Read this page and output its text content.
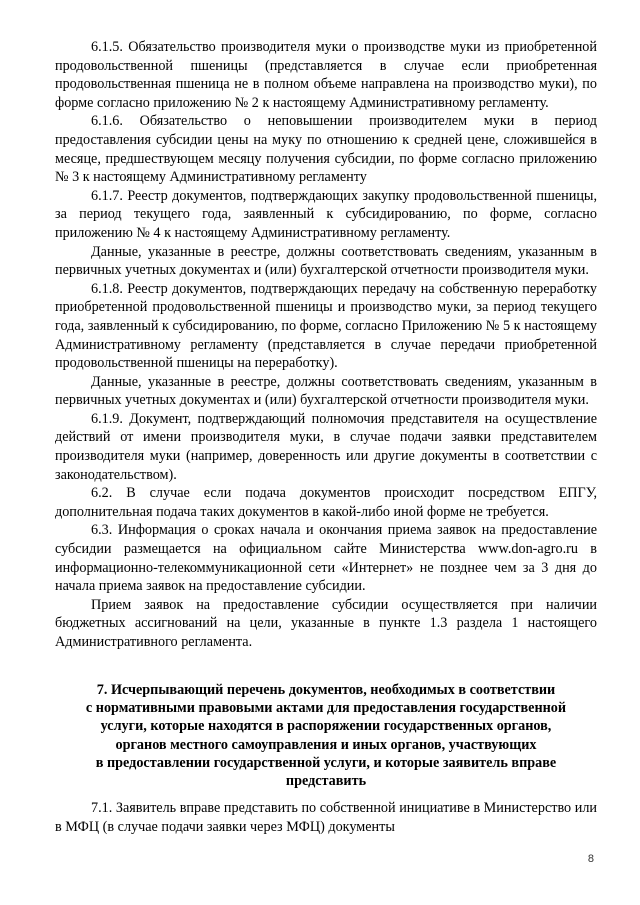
6.1.5. Обязательство производителя муки о производстве муки из приобретенной продовольственной пшеницы (представляется в случае если приобретенная продовольственная пшеница не в полном объеме направлена на производство муки), по форме согласно приложению № 2 к настоящему Административному регламенту.

6.1.6. Обязательство о неповышении производителем муки в период предоставления субсидии цены на муку по отношению к средней цене, сложившейся в месяце, предшествующем месяцу получения субсидии, по форме согласно приложению № 3 к настоящему Административному регламенту

6.1.7. Реестр документов, подтверждающих закупку продовольственной пшеницы, за период текущего года, заявленный к субсидированию, по форме, согласно приложению № 4 к настоящему Административному регламенту.

Данные, указанные в реестре, должны соответствовать сведениям, указанным в первичных учетных документах и (или) бухгалтерской отчетности производителя муки.

6.1.8. Реестр документов, подтверждающих передачу на собственную переработку приобретенной продовольственной пшеницы и производство муки, за период текущего года, заявленный к субсидированию, по форме, согласно Приложению № 5 к настоящему Административному регламенту (представляется в случае передачи приобретенной продовольственной пшеницы на переработку).

Данные, указанные в реестре, должны соответствовать сведениям, указанным в первичных учетных документах и (или) бухгалтерской отчетности производителя муки.

6.1.9. Документ, подтверждающий полномочия представителя на осуществление действий от имени производителя муки, в случае подачи заявки представителем производителя муки (например, доверенность или другие документы в соответствии с законодательством).

6.2. В случае если подача документов происходит посредством ЕПГУ, дополнительная подача таких документов в какой-либо иной форме не требуется.

6.3. Информация о сроках начала и окончания приема заявок на предоставление субсидии размещается на официальном сайте Министерства www.don-agro.ru в информационно-телекоммуникационной сети «Интернет» не позднее чем за 3 дня до начала приема заявок на предоставление субсидии.

Прием заявок на предоставление субсидии осуществляется при наличии бюджетных ассигнований на цели, указанные в пункте 1.3 раздела 1 настоящего Административного регламента.

7. Исчерпывающий перечень документов, необходимых в соответствии
с нормативными правовыми актами для предоставления государственной
услуги, которые находятся в распоряжении государственных органов,
органов местного самоуправления и иных органов, участвующих
в предоставлении государственной услуги, и которые заявитель вправе
представить

7.1. Заявитель вправе представить по собственной инициативе в Министерство или в МФЦ (в случае подачи заявки через МФЦ) документы

8
